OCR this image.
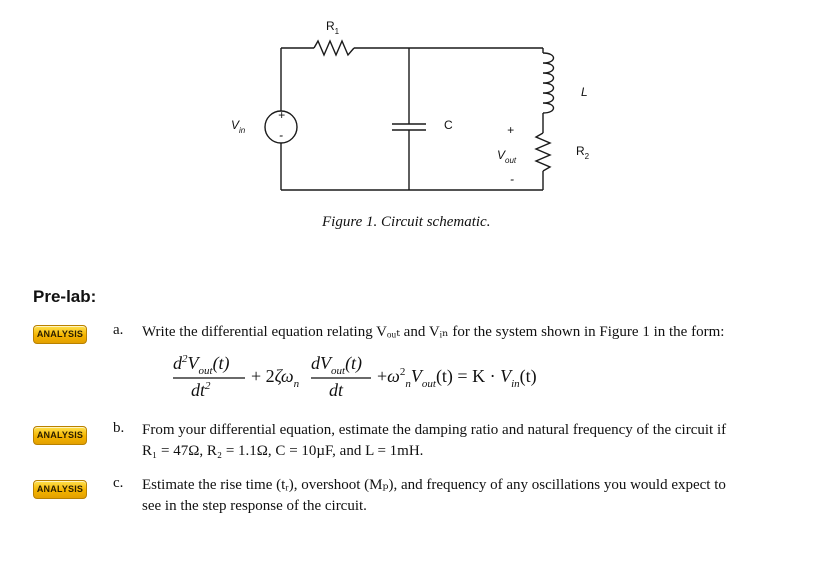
+
-
$R_1$
$V_{in}$	C	+
$V_{out}$
-
L
$R_2$
Figure 1. Circuit schematic.
Pre-lab:
ANALYSIS a. Write the differential equation relating Vₒᵤₜ and Vᵢₙ for the system shown in Figure 1 in the form:
$d^2V_{out}(t)$
$dt^2 + 2\zeta\omega_n$
$dV_{out}(t)$
dt
$+\omega^2_nV_{out}(t) = K \cdot V_{in}(t)$
ANALYSIS b. From your differential equation, estimate the damping ratio and natural frequency of the circuit if
R₁ = 47Ω, R₂ = 1.1Ω, C = 10µF, and L = 1mH.
ANALYSIS c. Estimate the rise time (tᵣ), overshoot (Mₚ), and frequency of any oscillations you would expect to
see in the step response of the circuit.
